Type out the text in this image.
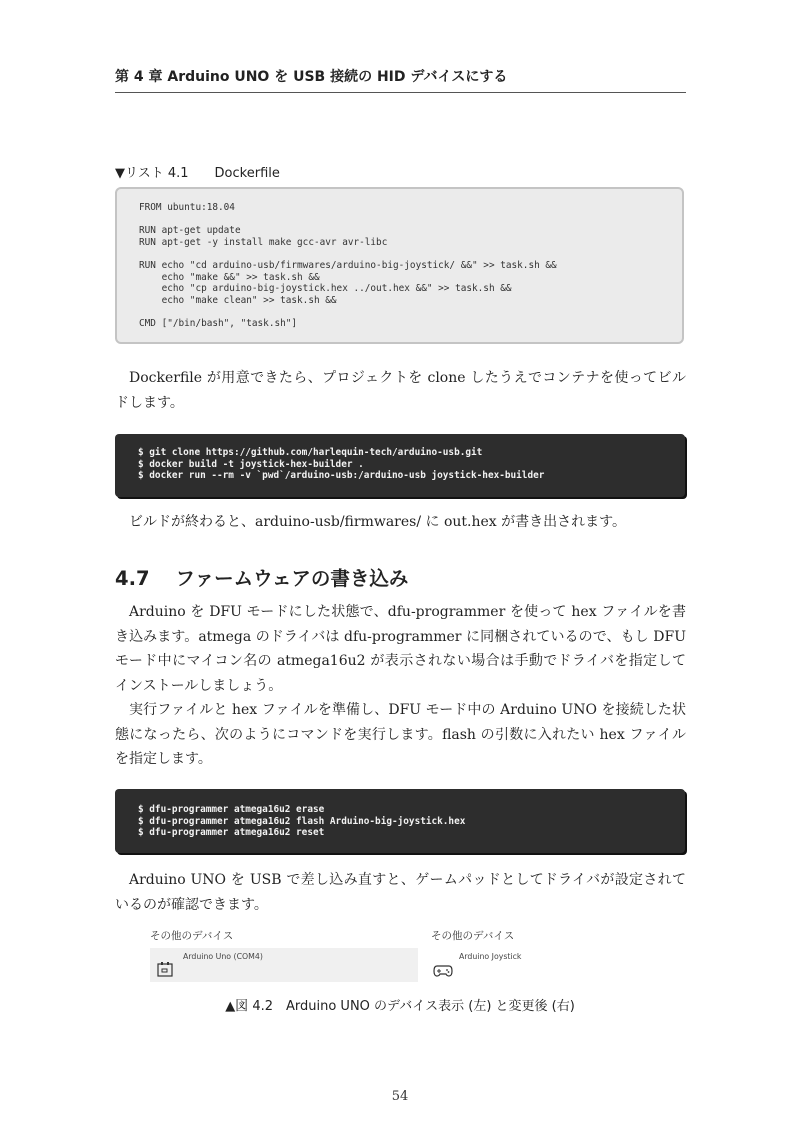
第 4 章 Arduino UNO を USB 接続の HID デバイスにする
▼リスト 4.1 Dockerfile
FROM ubuntu:18.04

RUN apt-get update
RUN apt-get -y install make gcc-avr avr-libc

RUN echo "cd arduino-usb/firmwares/arduino-big-joystick/ &&" >> task.sh &&
echo "make &&" >> task.sh &&
echo "cp arduino-big-joystick.hex ../out.hex &&" >> task.sh &&
echo "make clean" >> task.sh &&

CMD ["/bin/bash", "task.sh"]

Dockerfile が用意できたら、プロジェクトを clone したうえでコンテナを使ってビルドします。

$ git clone https://github.com/harlequin-tech/arduino-usb.git
$ docker build -t joystick-hex-builder .
$ docker run --rm -v `pwd`/arduino-usb:/arduino-usb joystick-hex-builder

ビルドが終わると、arduino-usb/firmwares/ に out.hex が書き出されます。

4.7 ファームウェアの書き込み

Arduino を DFU モードにした状態で、dfu-programmer を使って hex ファイルを書き込みます。atmega のドライバは dfu-programmer に同梱されているので、もし DFU モード中にマイコン名の atmega16u2 が表示されない場合は手動でドライバを指定してインストールしましょう。

実行ファイルと hex ファイルを準備し、DFU モード中の Arduino UNO を接続した状態になったら、次のようにコマンドを実行します。flash の引数に入れたい hex ファイルを指定します。

$ dfu-programmer atmega16u2 erase
$ dfu-programmer atmega16u2 flash Arduino-big-joystick.hex
$ dfu-programmer atmega16u2 reset

Arduino UNO を USB で差し込み直すと、ゲームパッドとしてドライバが設定されているのが確認できます。

その他のデバイス
Arduino Uno (COM4)
その他のデバイス
Arduino Joystick
▲図 4.2　Arduino UNO のデバイス表示 (左) と変更後 (右)
54
